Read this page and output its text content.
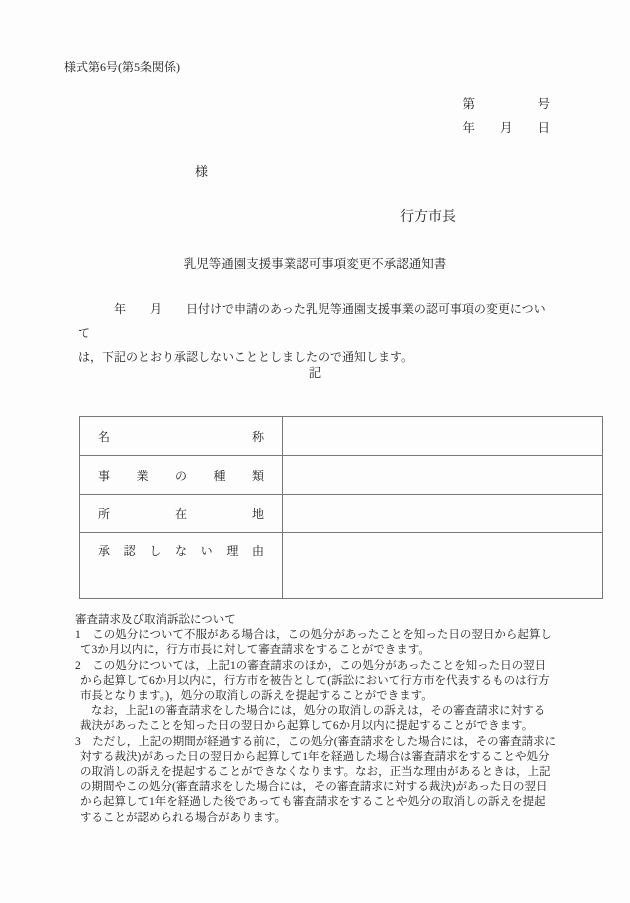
様式第6号(第5条関係)
第　　　　　号
年　　月　　日
様
行方市長
乳児等通園支援事業認可事項変更不承認通知書
　　　年　　月　　日付けで申請のあった乳児等通園支援事業の認可事項の変更について
は，下記のとおり承認しないこととしましたので通知します。
記
名称	
事業の種類	
所在地	
承認しない理由	
審査請求及び取消訴訟について
1　この処分について不服がある場合は，この処分があったことを知った日の翌日から起算し
て3か月以内に，行方市長に対して審査請求をすることができます。
2　この処分については，上記1の審査請求のほか，この処分があったことを知った日の翌日
から起算して6か月以内に，行方市を被告として(訴訟において行方市を代表するものは行方
市長となります。)，処分の取消しの訴えを提起することができます。
なお，上記1の審査請求をした場合には，処分の取消しの訴えは，その審査請求に対する
裁決があったことを知った日の翌日から起算して6か月以内に提起することができます。
3　ただし，上記の期間が経過する前に，この処分(審査請求をした場合には，その審査請求に
対する裁決)があった日の翌日から起算して1年を経過した場合は審査請求をすることや処分
の取消しの訴えを提起することができなくなります。なお，正当な理由があるときは，上記
の期間やこの処分(審査請求をした場合には，その審査請求に対する裁決)があった日の翌日
から起算して1年を経過した後であっても審査請求をすることや処分の取消しの訴えを提起
することが認められる場合があります。
